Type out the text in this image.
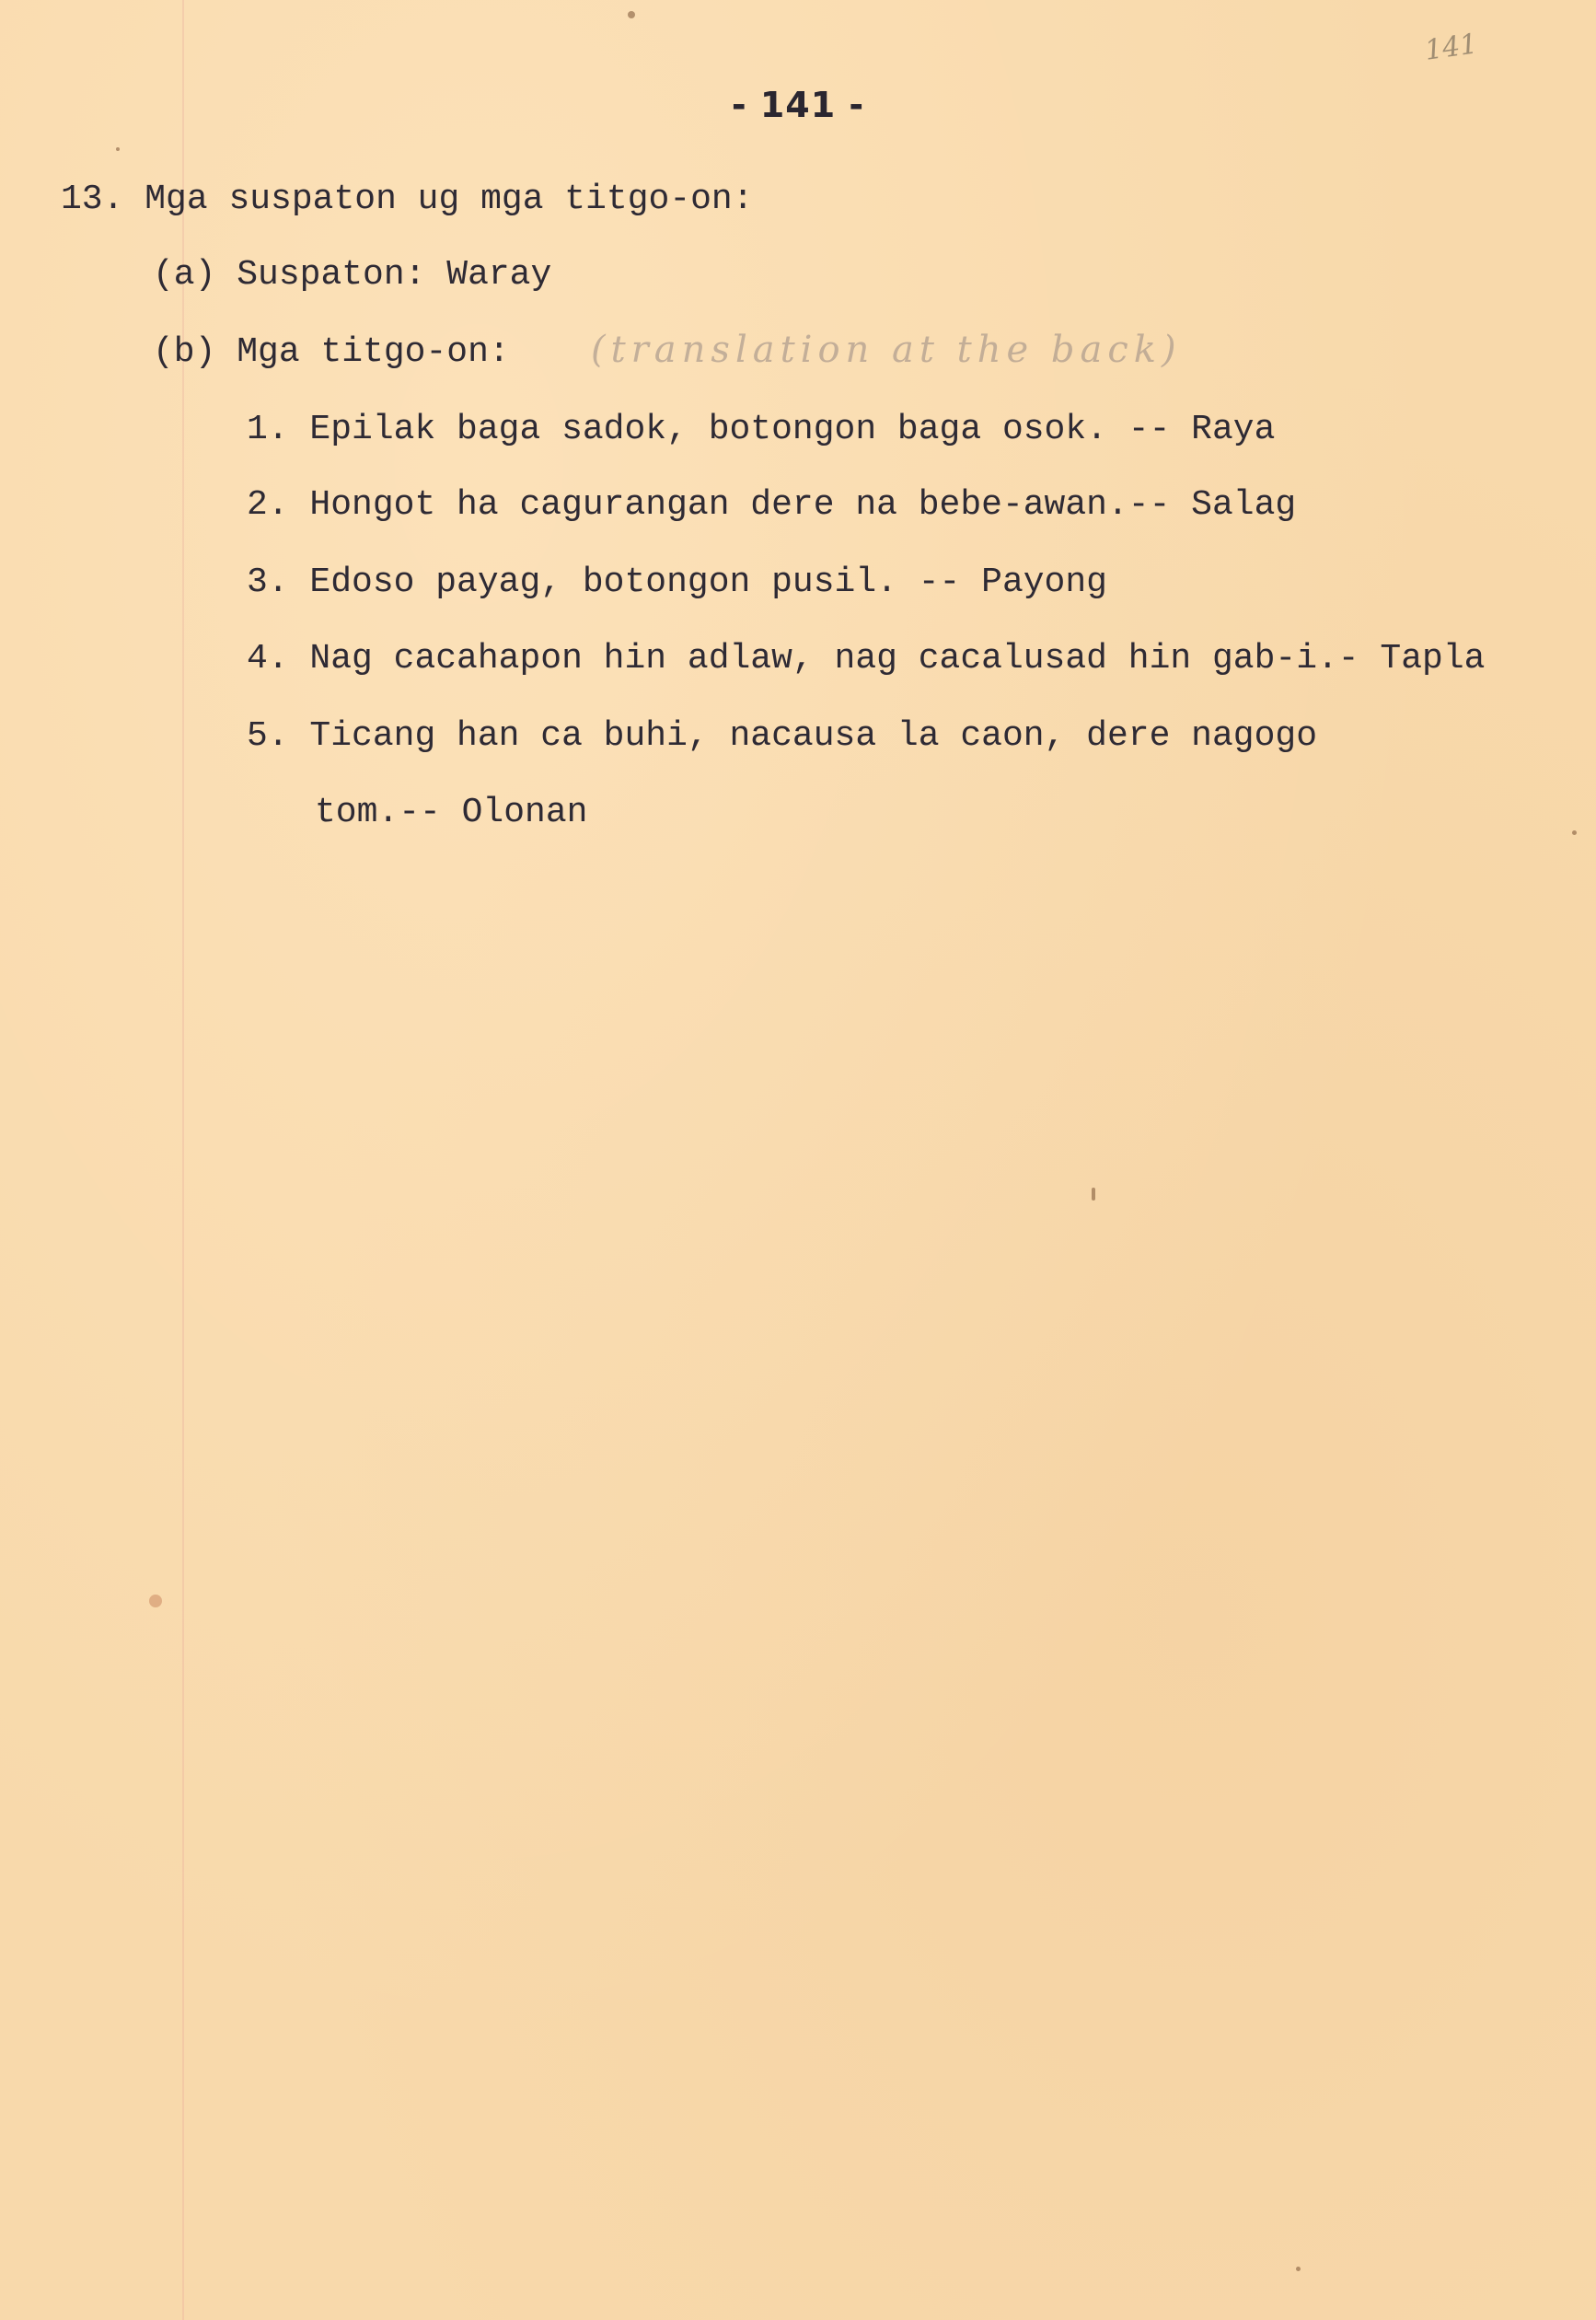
141
- 141 -
13. Mga suspaton ug mga titgo-on:
(a) Suspaton: Waray
(b) Mga titgo-on: (translation at the back)
1. Epilak baga sadok, botongon baga osok. -- Raya
2. Hongot ha cagurangan dere na bebe-awan.-- Salag
3. Edoso payag, botongon pusil. -- Payong
4. Nag cacahapon hin adlaw, nag cacalusad hin gab-i.- Tapla
5. Ticang han ca buhi, nacausa la caon, dere nagogo
tom.-- Olonan
